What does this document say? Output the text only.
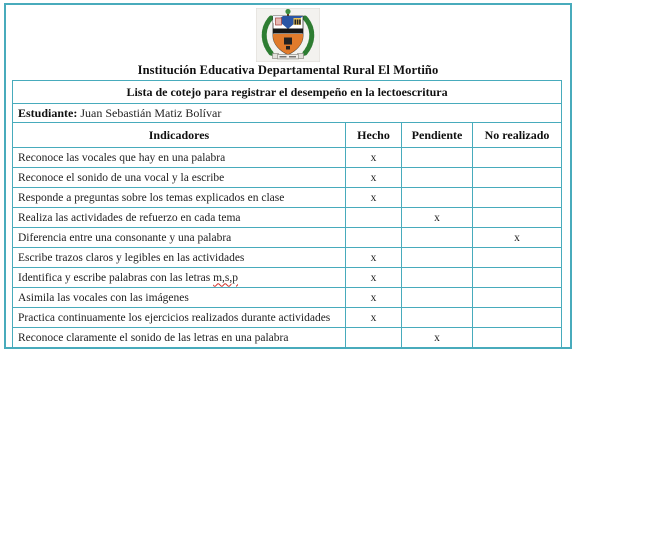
Institución Educativa Departamental Rural El Mortiño
Lista de cotejo para registrar el desempeño en la lectoescritura			
Estudiante: Juan Sebastián Matiz Bolívar			
Indicadores	Hecho	Pendiente	No realizado
Reconoce las vocales que hay en una palabra	x		
Reconoce el sonido de una vocal y la escribe	x		
Responde a preguntas sobre los temas explicados en clase	x		
Realiza las actividades de refuerzo en cada tema		x	
Diferencia entre una consonante y una palabra			x
Escribe trazos claros y legibles en las actividades	x		
Identifica y escribe palabras con las letras m,s,p	x		
Asimila las vocales con las imágenes	x		
Practica continuamente los ejercicios realizados durante actividades	x		
Reconoce claramente el sonido de las letras en una palabra		x	
